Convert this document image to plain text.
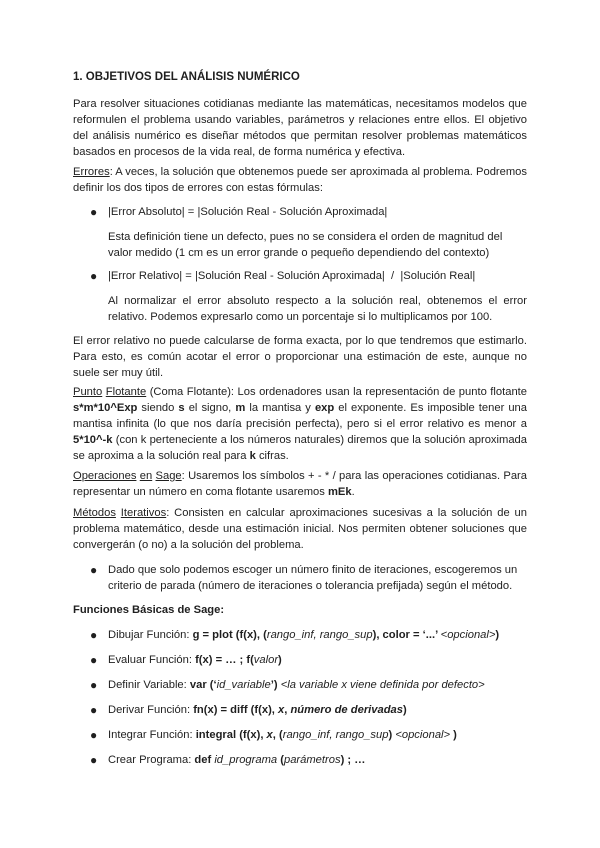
1. OBJETIVOS DEL ANÁLISIS NUMÉRICO

Para resolver situaciones cotidianas mediante las matemáticas, necesitamos modelos que reformulen el problema usando variables, parámetros y relaciones entre ellos. El objetivo del análisis numérico es diseñar métodos que permitan resolver problemas matemáticos basados en procesos de la vida real, de forma numérica y efectiva.

Errores: A veces, la solución que obtenemos puede ser aproximada al problema. Podremos definir los dos tipos de errores con estas fórmulas:

● |Error Absoluto| = |Solución Real - Solución Aproximada|

Esta definición tiene un defecto, pues no se considera el orden de magnitud del valor medido (1 cm es un error grande o pequeño dependiendo del contexto)

● |Error Relativo| = |Solución Real - Solución Aproximada|  /  |Solución Real|

Al normalizar el error absoluto respecto a la solución real, obtenemos el error relativo. Podemos expresarlo como un porcentaje si lo multiplicamos por 100.

El error relativo no puede calcularse de forma exacta, por lo que tendremos que estimarlo. Para esto, es común acotar el error o proporcionar una estimación de este, aunque no suele ser muy útil.

Punto Flotante (Coma Flotante): Los ordenadores usan la representación de punto flotante s*m*10^Exp siendo s el signo, m la mantisa y exp el exponente. Es imposible tener una mantisa infinita (lo que nos daría precisión perfecta), pero si el error relativo es menor a 5*10^-k (con k perteneciente a los números naturales) diremos que la solución aproximada se aproxima a la solución real para k cifras.

Operaciones en Sage: Usaremos los símbolos + - * / para las operaciones cotidianas. Para representar un número en coma flotante usaremos mEk.

Métodos Iterativos: Consisten en calcular aproximaciones sucesivas a la solución de un problema matemático, desde una estimación inicial. Nos permiten obtener soluciones que convergerán (o no) a la solución del problema.

● Dado que solo podemos escoger un número finito de iteraciones, escogeremos un criterio de parada (número de iteraciones o tolerancia prefijada) según el método.

Funciones Básicas de Sage:

● Dibujar Función: g = plot (f(x), (rango_inf, rango_sup), color = ‘...’ <opcional>)

● Evaluar Función: f(x) = … ; f(valor)

● Definir Variable: var (‘id_variable’) <la variable x viene definida por defecto>

● Derivar Función: fn(x) = diff (f(x), x, número de derivadas)

● Integrar Función: integral (f(x), x, (rango_inf, rango_sup) <opcional> )

● Crear Programa: def id_programa (parámetros) ; …
